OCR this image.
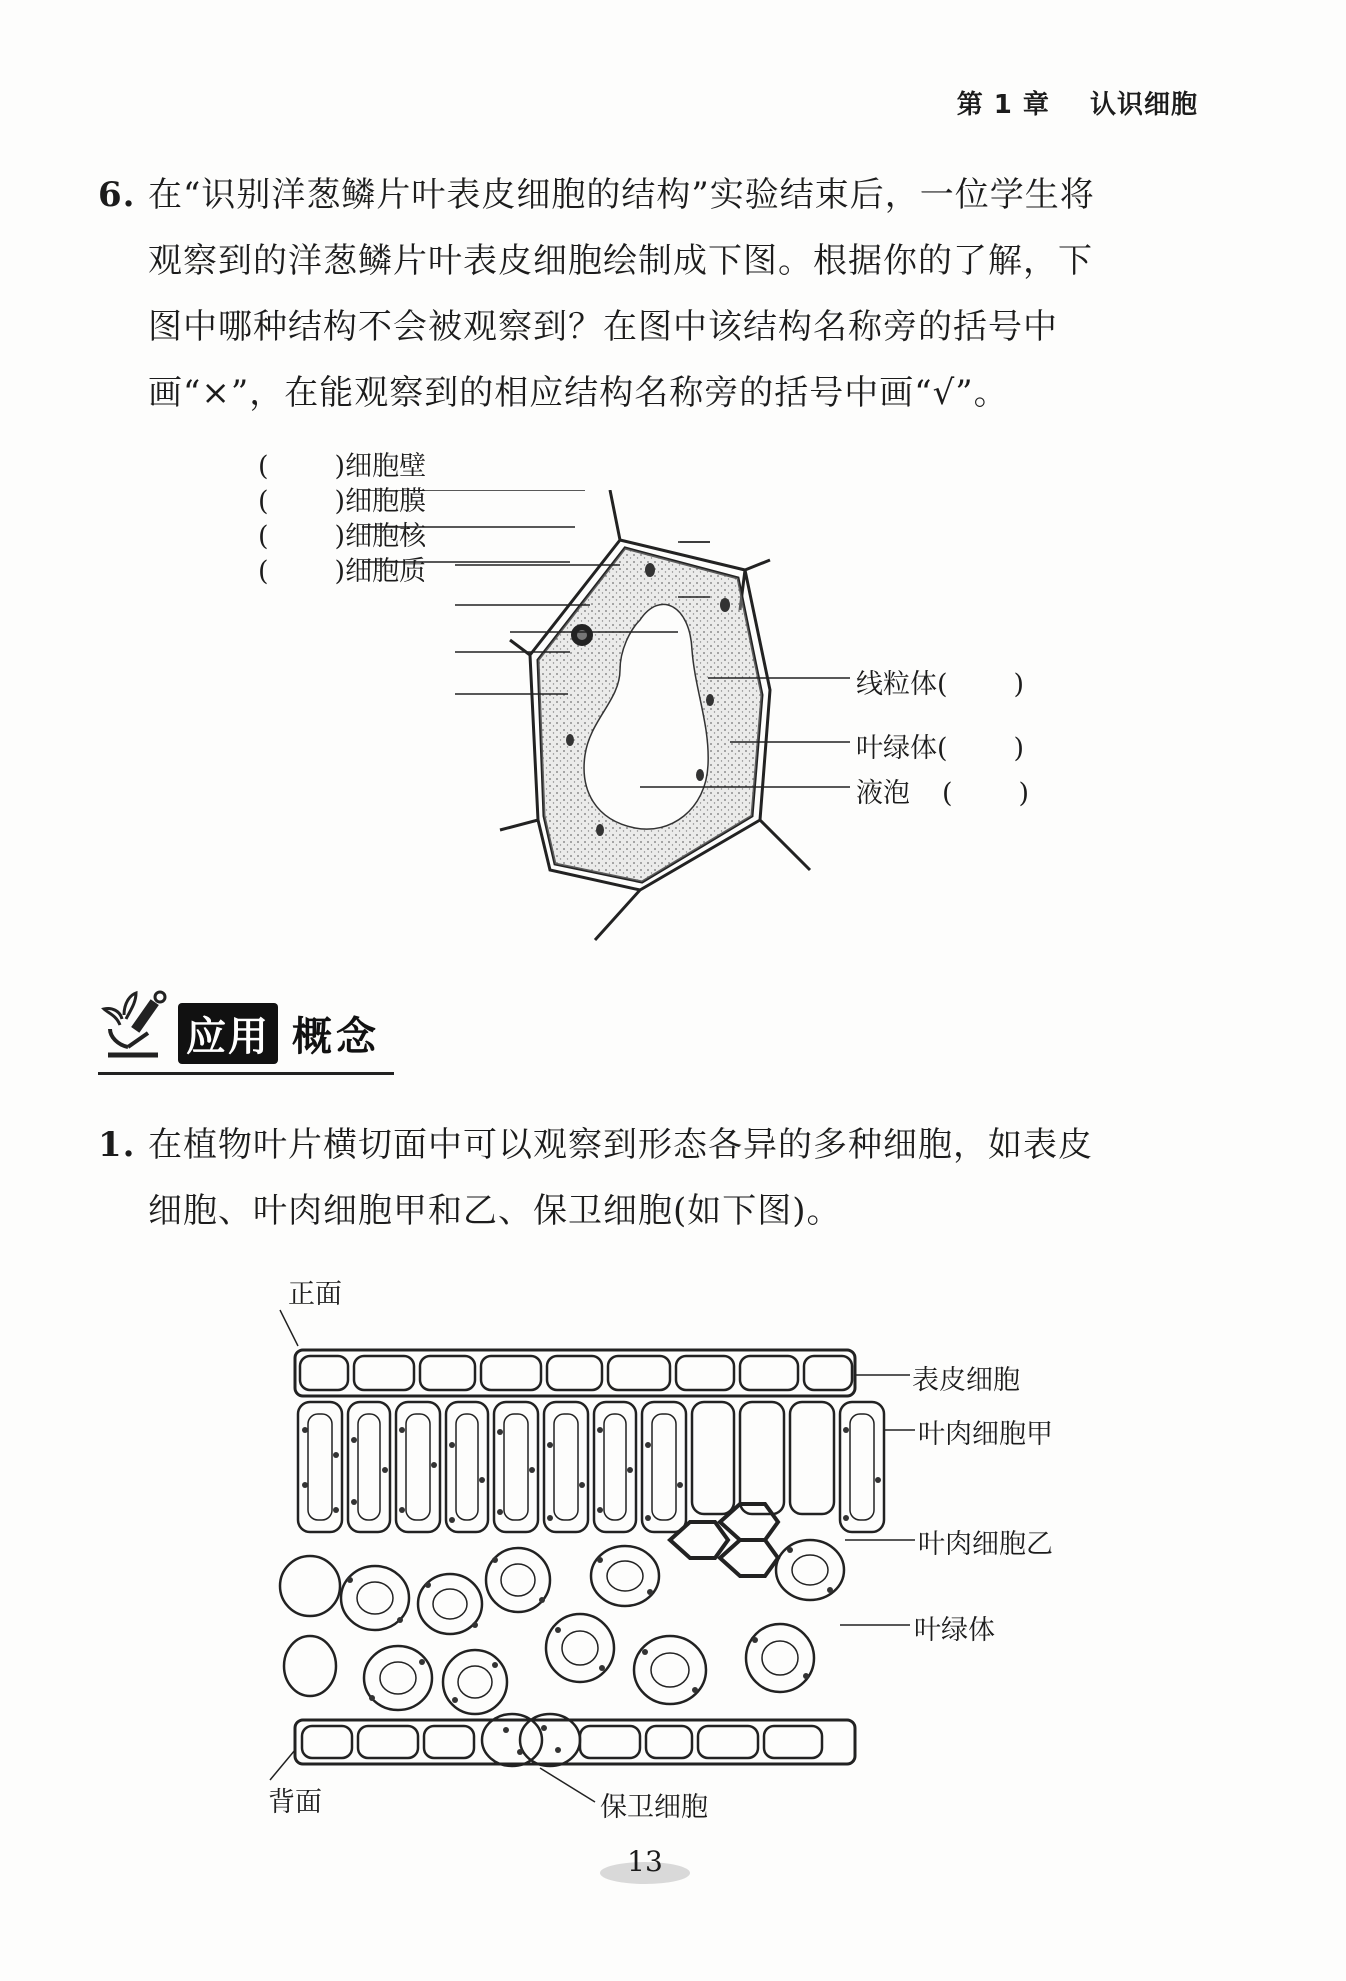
第 1 章 认识细胞
6. 在“识别洋葱鳞片叶表皮细胞的结构”实验结束后，一位学生将
观察到的洋葱鳞片叶表皮细胞绘制成下图。根据你的了解，下
图中哪种结构不会被观察到？在图中该结构名称旁的括号中
画“×”，在能观察到的相应结构名称旁的括号中画“√”。
( )细胞壁
( )细胞膜
( )细胞核
( )细胞质
线粒体( )
叶绿体( )
液泡 ( )
应用 概念
1. 在植物叶片横切面中可以观察到形态各异的多种细胞，如表皮
细胞、叶肉细胞甲和乙、保卫细胞(如下图)。
正面
表皮细胞
叶肉细胞甲
叶肉细胞乙
叶绿体
背面	保卫细胞
13
